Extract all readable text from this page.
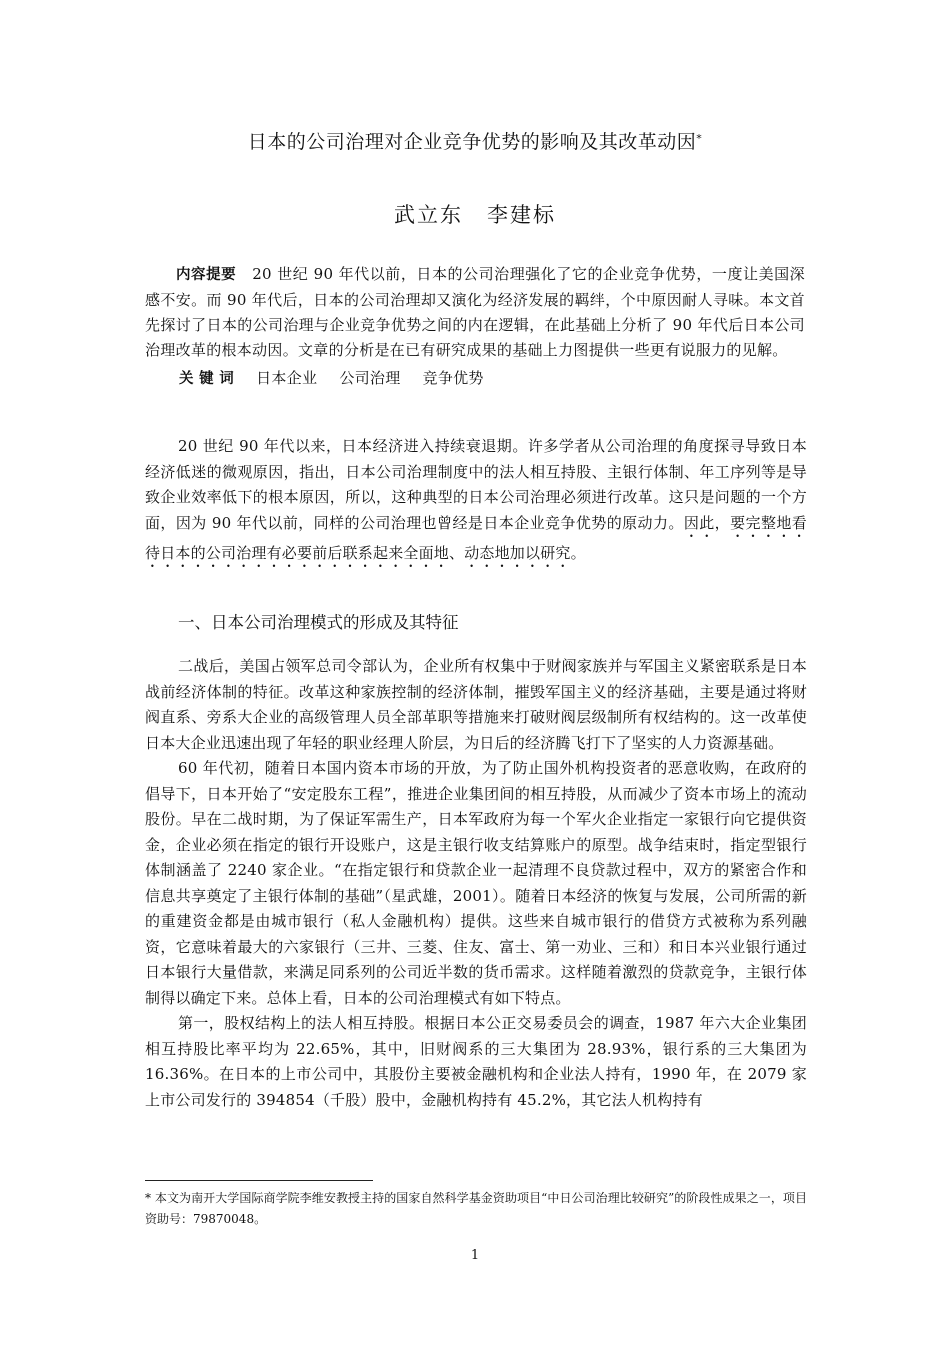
日本的公司治理对企业竞争优势的影响及其改革动因*
武立东 李建标
内容提要 20 世纪 90 年代以前，日本的公司治理强化了它的企业竞争优势，一度让美国深感不安。而 90 年代后，日本的公司治理却又演化为经济发展的羁绊，个中原因耐人寻味。本文首先探讨了日本的公司治理与企业竞争优势之间的内在逻辑，在此基础上分析了 90 年代后日本公司治理改革的根本动因。文章的分析是在已有研究成果的基础上力图提供一些更有说服力的见解。
关 键 词 日本企业 公司治理 竞争优势

20 世纪 90 年代以来，日本经济进入持续衰退期。许多学者从公司治理的角度探寻导致日本经济低迷的微观原因，指出，日本公司治理制度中的法人相互持股、主银行体制、年工序列等是导致企业效率低下的根本原因，所以，这种典型的日本公司治理必须进行改革。这只是问题的一个方面，因为 90 年代以前，同样的公司治理也曾经是日本企业竞争优势的原动力。因此，要完整地看待日本的公司治理有必要前后联系起来全面地、动态地加以研究。

一、日本公司治理模式的形成及其特征

二战后，美国占领军总司令部认为，企业所有权集中于财阀家族并与军国主义紧密联系是日本战前经济体制的特征。改革这种家族控制的经济体制，摧毁军国主义的经济基础，主要是通过将财阀直系、旁系大企业的高级管理人员全部革职等措施来打破财阀层级制所有权结构的。这一改革使日本大企业迅速出现了年轻的职业经理人阶层，为日后的经济腾飞打下了坚实的人力资源基础。

60 年代初，随着日本国内资本市场的开放，为了防止国外机构投资者的恶意收购，在政府的倡导下，日本开始了“安定股东工程”，推进企业集团间的相互持股，从而减少了资本市场上的流动股份。早在二战时期，为了保证军需生产，日本军政府为每一个军火企业指定一家银行向它提供资金，企业必须在指定的银行开设账户，这是主银行收支结算账户的原型。战争结束时，指定型银行体制涵盖了 2240 家企业。“在指定银行和贷款企业一起清理不良贷款过程中，双方的紧密合作和信息共享奠定了主银行体制的基础”（星武雄，2001）。随着日本经济的恢复与发展，公司所需的新的重建资金都是由城市银行（私人金融机构）提供。这些来自城市银行的借贷方式被称为系列融资，它意味着最大的六家银行（三井、三菱、住友、富士、第一劝业、三和）和日本兴业银行通过日本银行大量借款，来满足同系列的公司近半数的货币需求。这样随着激烈的贷款竞争，主银行体制得以确定下来。总体上看，日本的公司治理模式有如下特点。

第一，股权结构上的法人相互持股。根据日本公正交易委员会的调查，1987 年六大企业集团相互持股比率平均为 22.65%，其中，旧财阀系的三大集团为 28.93%，银行系的三大集团为 16.36%。在日本的上市公司中，其股份主要被金融机构和企业法人持有，1990 年，在 2079 家上市公司发行的 394854（千股）股中，金融机构持有 45.2%，其它法人机构持有

* 本文为南开大学国际商学院李维安教授主持的国家自然科学基金资助项目“中日公司治理比较研究”的阶段性成果之一，项目资助号：79870048。
1
